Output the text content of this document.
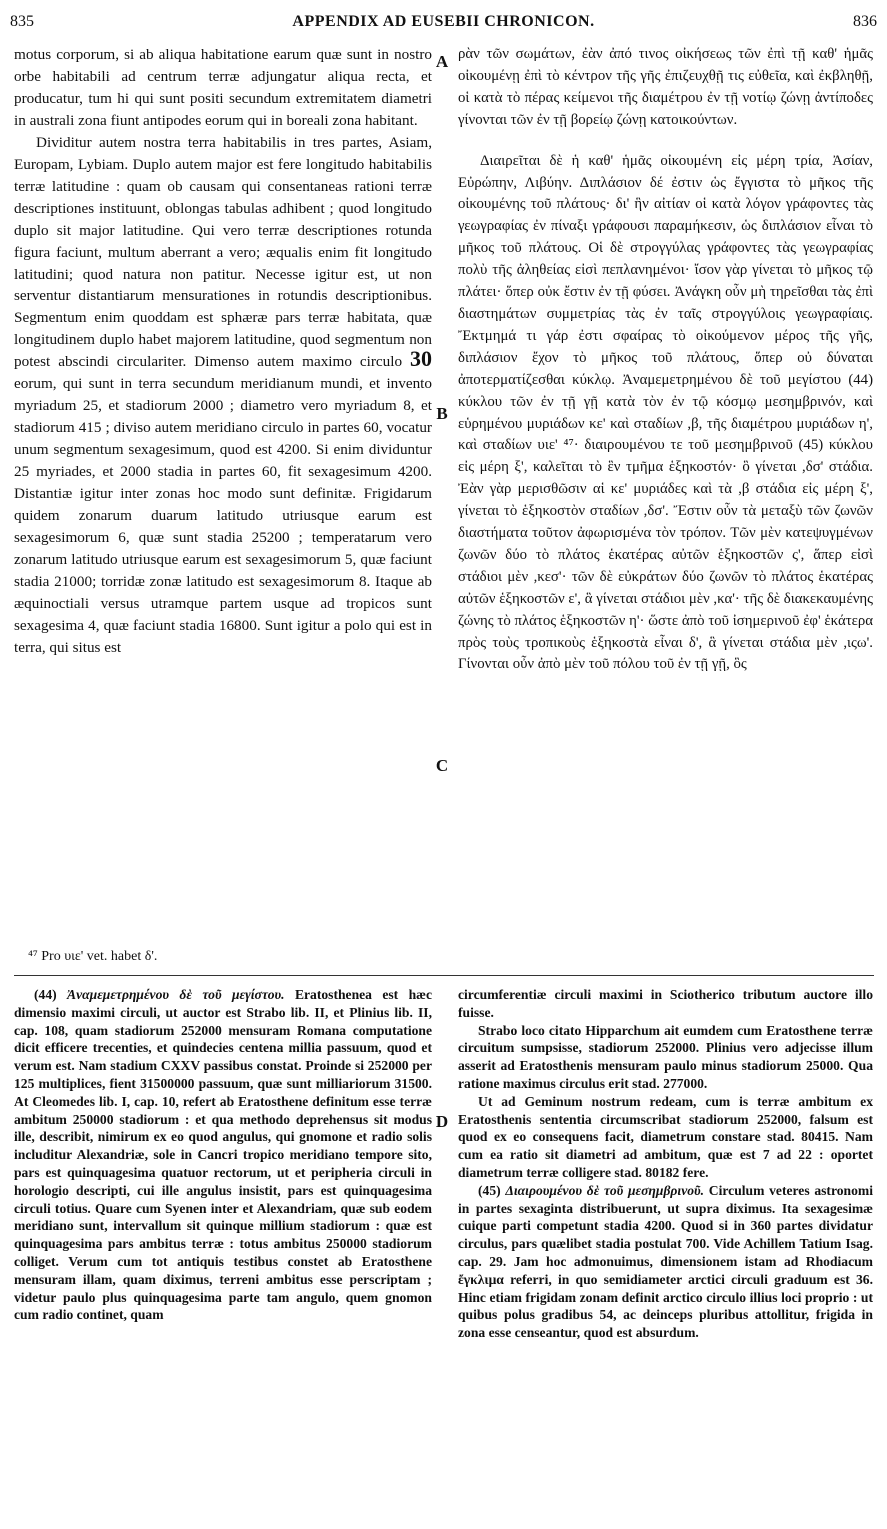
835	APPENDIX AD EUSEBII CHRONICON.	836

motus corporum, si ab aliqua habitatione earum quæ sunt in nostro orbe habitabili ad centrum terræ adjungatur aliqua recta, et producatur, tum hi qui sunt positi secundum extremitatem diametri in australi zona fiunt antipodes eorum qui in boreali zona habitant.

Dividitur autem nostra terra habitabilis in tres partes, Asiam, Europam, Lybiam. Duplo autem major est fere longitudo habitabilis terræ latitudine : quam ob causam qui consentaneas rationi terræ descriptiones instituunt, oblongas tabulas adhibent ; quod longitudo duplo sit major latitudine. Qui vero terræ descriptiones rotunda figura faciunt, multum aberrant a vero; æqualis enim fit longitudo latitudini; quod natura non patitur. Necesse igitur est, ut non serventur distantiarum mensurationes in rotundis descriptionibus. Segmentum enim quoddam est sphæræ pars terræ habitata, quæ longitudinem duplo habet majorem latitudine, quod segmentum non potest abscindi circulariter. Dimenso autem maximo circulo 30 eorum, qui sunt in terra secundum meridianum mundi, et invento myriadum 25, et stadiorum 2000 ; diametro vero myriadum 8, et stadiorum 415 ; diviso autem meridiano circulo in partes 60, vocatur unum segmentum sexagesimum, quod est 4200. Si enim dividuntur 25 myriades, et 2000 stadia in partes 60, fit sexagesimum 4200. Distantiæ igitur inter zonas hoc modo sunt definitæ. Frigidarum quidem zonarum duarum latitudo utriusque earum est sexagesimorum 6, quæ sunt stadia 25200 ; temperatarum vero zonarum latitudo utriusque earum est sexagesimorum 5, quæ faciunt stadia 21000; torridæ zonæ latitudo est sexagesimorum 8. Itaque ab æquinoctiali versus utramque partem usque ad tropicos sunt sexagesima 4, quæ faciunt stadia 16800. Sunt igitur a polo qui est in terra, qui situs est

A
B
C
D

ρὰν τῶν σωμάτων, ἐὰν ἀπό τινος οἰκήσεως τῶν ἐπὶ τῇ καθ' ἡμᾶς οἰκουμένῃ ἐπὶ τὸ κέντρον τῆς γῆς ἐπιζευχθῇ τις εὐθεῖα, καὶ ἐκβληθῇ, οἱ κατὰ τὸ πέρας κείμενοι τῆς διαμέτρου ἐν τῇ νοτίῳ ζώνῃ ἀντίποδες γίνονται τῶν ἐν τῇ βορείῳ ζώνῃ κατοικούντων.

Διαιρεῖται δὲ ἡ καθ' ἡμᾶς οἰκουμένη εἰς μέρη τρία, Ἀσίαν, Εὐρώπην, Λιβύην. Διπλάσιον δέ ἐστιν ὡς ἔγγιστα τὸ μῆκος τῆς οἰκουμένης τοῦ πλάτους· δι' ἣν αἰτίαν οἱ κατὰ λόγον γράφοντες τὰς γεωγραφίας ἐν πίναξι γράφουσι παραμήκεσιν, ὡς διπλάσιον εἶναι τὸ μῆκος τοῦ πλάτους. Οἱ δὲ στρογγύλας γράφοντες τὰς γεωγραφίας πολὺ τῆς ἀληθείας εἰσὶ πεπλανημένοι· ἴσον γὰρ γίνεται τὸ μῆκος τῷ πλάτει· ὅπερ οὐκ ἔστιν ἐν τῇ φύσει. Ἀνάγκη οὖν μὴ τηρεῖσθαι τὰς ἐπὶ διαστημάτων συμμετρίας τὰς ἐν ταῖς στρογγύλοις γεωγραφίαις. Ἔκτμημά τι γάρ ἐστι σφαίρας τὸ οἰκούμενον μέρος τῆς γῆς, διπλάσιον ἔχον τὸ μῆκος τοῦ πλάτους, ὅπερ οὐ δύναται ἀποτερματίζεσθαι κύκλῳ. Ἀναμεμετρημένου δὲ τοῦ μεγίστου (44) κύκλου τῶν ἐν τῇ γῇ κατὰ τὸν ἐν τῷ κόσμῳ μεσημβρινόν, καὶ εὑρημένου μυριάδων κε' καὶ σταδίων ,β, τῆς διαμέτρου μυριάδων η', καὶ σταδίων υιε' ⁴⁷· διαιρουμένου τε τοῦ μεσημβρινοῦ (45) κύκλου εἰς μέρη ξ', καλεῖται τὸ ἓν τμῆμα ἑξηκοστόν· ὃ γίνεται ,δσ' στάδια. Ἐὰν γὰρ μερισθῶσιν αἱ κε' μυριάδες καὶ τὰ ,β στάδια εἰς μέρη ξ', γίνεται τὸ ἑξηκοστὸν σταδίων ,δσ'. Ἔστιν οὖν τὰ μεταξὺ τῶν ζωνῶν διαστήματα τοῦτον ἀφωρισμένα τὸν τρόπον. Τῶν μὲν κατεψυγμένων ζωνῶν δύο τὸ πλάτος ἑκατέρας αὐτῶν ἑξηκοστῶν ς', ἅπερ εἰσὶ στάδιοι μὲν ,κεσ'· τῶν δὲ εὐκράτων δύο ζωνῶν τὸ πλάτος ἑκατέρας αὐτῶν ἑξηκοστῶν ε', ἃ γίνεται στάδιοι μὲν ,κα'· τῆς δὲ διακεκαυμένης ζώνης τὸ πλάτος ἑξηκοστῶν η'· ὥστε ἀπὸ τοῦ ἰσημερινοῦ ἐφ' ἑκάτερα πρὸς τοὺς τροπικοὺς ἑξηκοστὰ εἶναι δ', ἃ γίνεται στάδια μὲν ,ιςω'. Γίνονται οὖν ἀπὸ μὲν τοῦ πόλου τοῦ ἐν τῇ γῇ, ὃς

⁴⁷ Pro υιε' vet. habet δ'.

(44) Ἀναμεμετρημένου δὲ τοῦ μεγίστου. Eratosthenea est hæc dimensio maximi circuli, ut auctor est Strabo lib. II, et Plinius lib. II, cap. 108, quam stadiorum 252000 mensuram Romana computatione dicit efficere trecenties, et quindecies centena millia passuum, quod et verum est. Nam stadium CXXV passibus constat. Proinde si 252000 per 125 multiplices, fient 31500000 passuum, quæ sunt milliariorum 31500. At Cleomedes lib. I, cap. 10, refert ab Eratosthene definitum esse terræ ambitum 250000 stadiorum : et qua methodo deprehensus sit modus ille, describit, nimirum ex eo quod angulus, qui gnomone et radio solis includitur Alexandriæ, sole in Cancri tropico meridiano tempore sito, pars est quinquagesima quatuor rectorum, ut et peripheria circuli in horologio descripti, cui ille angulus insistit, pars est quinquagesima circuli totius. Quare cum Syenen inter et Alexandriam, quæ sub eodem meridiano sunt, intervallum sit quinque millium stadiorum : quæ est quinquagesima pars ambitus terræ : totus ambitus 250000 stadiorum colliget. Verum cum tot antiquis testibus constet ab Eratosthene mensuram illam, quam diximus, terreni ambitus esse perscriptam ; videtur paulo plus quinquagesima parte tam angulo, quem gnomon cum radio continet, quam

circumferentiæ circuli maximi in Sciotherico tributum auctore illo fuisse.

Strabo loco citato Hipparchum ait eumdem cum Eratosthene terræ circuitum sumpsisse, stadiorum 252000. Plinius vero adjecisse illum asserit ad Eratosthenis mensuram paulo minus stadiorum 25000. Qua ratione maximus circulus erit stad. 277000.

Ut ad Geminum nostrum redeam, cum is terræ ambitum ex Eratosthenis sententia circumscribat stadiorum 252000, falsum est quod ex eo consequens facit, diametrum constare stad. 80415. Nam cum ea ratio sit diametri ad ambitum, quæ est 7 ad 22 : oportet diametrum terræ colligere stad. 80182 fere.

(45) Διαιρουμένου δὲ τοῦ μεσημβρινοῦ. Circulum veteres astronomi in partes sexaginta distribuerunt, ut supra diximus. Ita sexagesimæ cuique parti competunt stadia 4200. Quod si in 360 partes dividatur circulus, pars quælibet stadia postulat 700. Vide Achillem Tatium Isag. cap. 29. Jam hoc admonuimus, dimensionem istam ad Rhodiacum ἔγκλιμα referri, in quo semidiameter arctici circuli graduum est 36. Hinc etiam frigidam zonam definit arctico circulo illius loci proprio : ut quibus polus gradibus 54, ac deinceps pluribus attollitur, frigida in zona esse censeantur, quod est absurdum.
